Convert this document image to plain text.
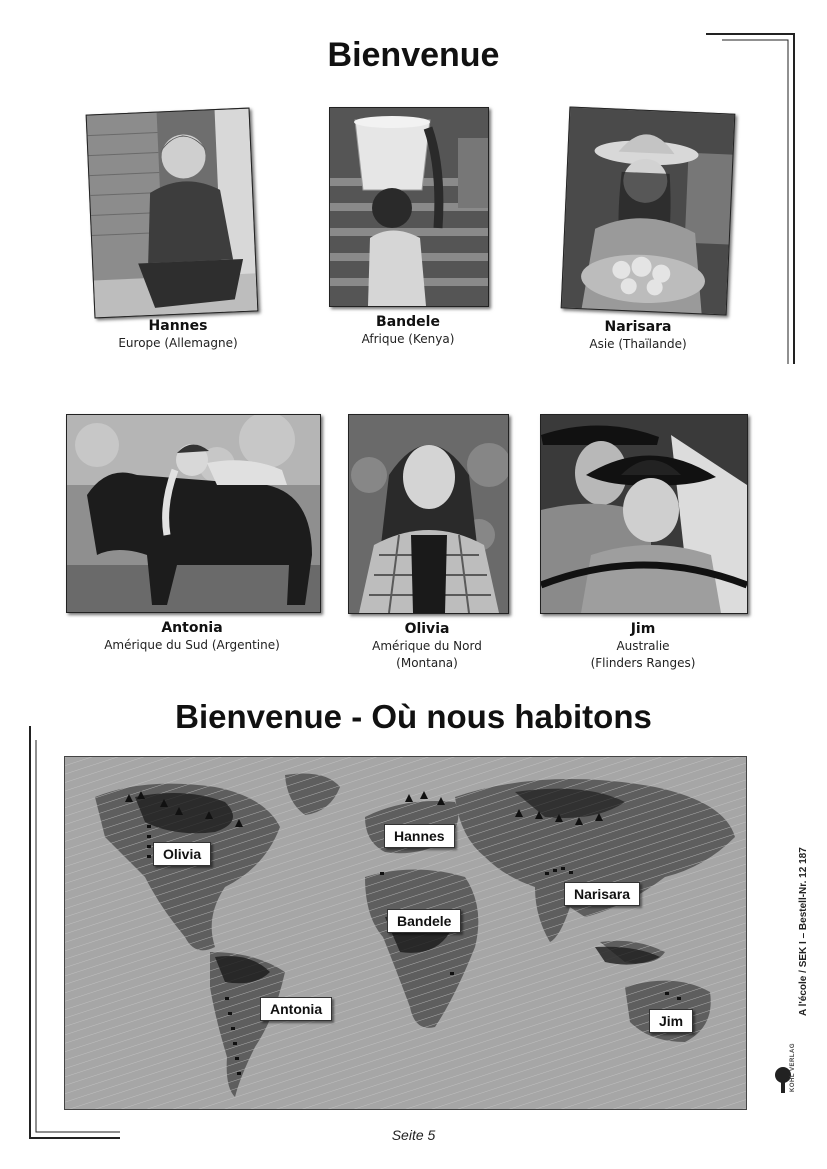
Bienvenue
Hannes
Europe (Allemagne)
Bandele
Afrique (Kenya)
Narisara
Asie (Thaïlande)
Antonia
Amérique du Sud (Argentine)
Olivia
Amérique du Nord
(Montana)
Jim
Australie
(Flinders Ranges)
Bienvenue - Où nous habitons
Olivia
Hannes
Narisara
Bandele
Antonia
Jim
A l'école / SEK I – Bestell-Nr. 12 187
KOHL VERLAG
Seite 5
